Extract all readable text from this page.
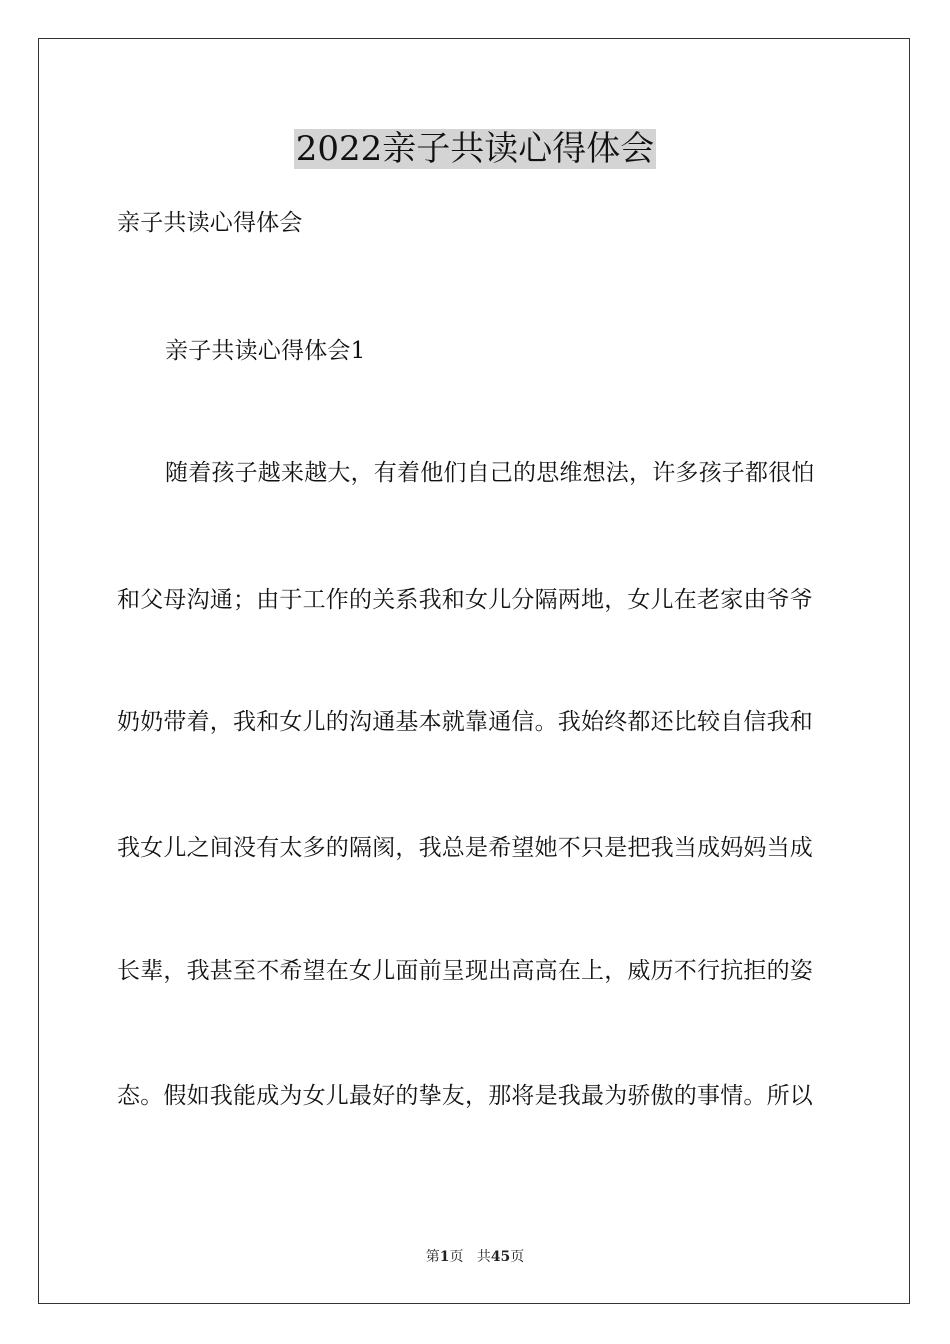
2022亲子共读心得体会
亲子共读心得体会
亲子共读心得体会1
随着孩子越来越大，有着他们自己的思维想法，许多孩子都很怕
和父母沟通；由于工作的关系我和女儿分隔两地，女儿在老家由爷爷
奶奶带着，我和女儿的沟通基本就靠通信。我始终都还比较自信我和
我女儿之间没有太多的隔阂，我总是希望她不只是把我当成妈妈当成
长辈，我甚至不希望在女儿面前呈现出高高在上，威历不行抗拒的姿
态。假如我能成为女儿最好的挚友，那将是我最为骄傲的事情。所以
第1页 共45页
